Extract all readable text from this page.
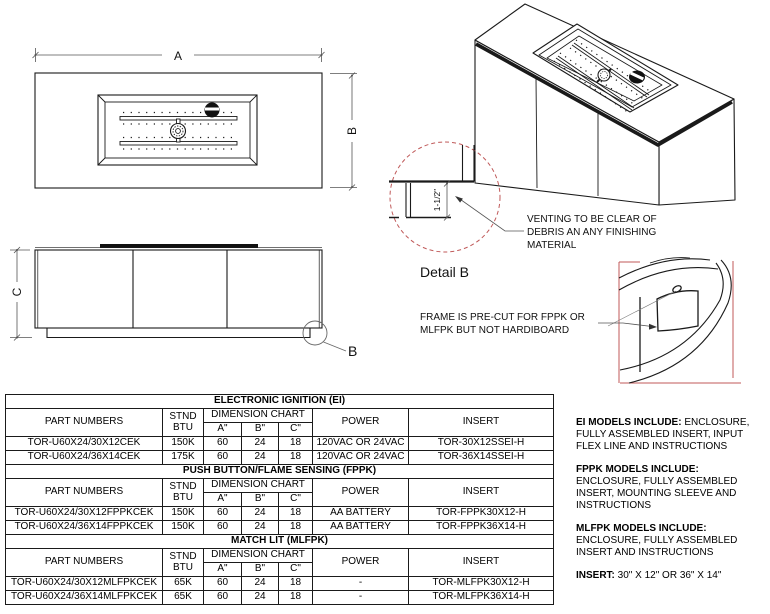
A
B
C
B
1-1/2"
Detail B
VENTING TO BE CLEAR OF
DEBRIS AN ANY FINISHING
MATERIAL
FRAME IS PRE-CUT FOR FPPK OR
MLFPK BUT NOT HARDIBOARD
ELECTRONIC IGNITION (EI)						
PART NUMBERS	STND
BTU	DIMENSION CHART			POWER	INSERT
		A"	B"	C"		
TOR-U60X24/30X12CEK	150K	60	24	18	120VAC OR 24VAC	TOR-30X12SSEI-H
TOR-U60X24/36X14CEK	175K	60	24	18	120VAC OR 24VAC	TOR-36X14SSEI-H
PUSH BUTTON/FLAME SENSING (FPPK)						
PART NUMBERS	STND
BTU	DIMENSION CHART			POWER	INSERT
		A"	B"	C"		
TOR-U60X24/30X12FPPKCEK	150K	60	24	18	AA BATTERY	TOR-FPPK30X12-H
TOR-U60X24/36X14FPPKCEK	150K	60	24	18	AA BATTERY	TOR-FPPK36X14-H
MATCH LIT (MLFPK)						
PART NUMBERS	STND
BTU	DIMENSION CHART			POWER	INSERT
		A"	B"	C"		
TOR-U60X24/30X12MLFPKCEK	65K	60	24	18	-	TOR-MLFPK30X12-H
TOR-U60X24/36X14MLFPKCEK	65K	60	24	18	-	TOR-MLFPK36X14-H

EI MODELS INCLUDE: ENCLOSURE, FULLY ASSEMBLED INSERT, INPUT FLEX LINE AND INSTRUCTIONS

FPPK MODELS INCLUDE: ENCLOSURE, FULLY ASSEMBLED INSERT, MOUNTING SLEEVE AND INSTRUCTIONS

MLFPK MODELS INCLUDE: ENCLOSURE, FULLY ASSEMBLED INSERT AND INSTRUCTIONS

INSERT: 30" X 12" OR 36" X 14"
